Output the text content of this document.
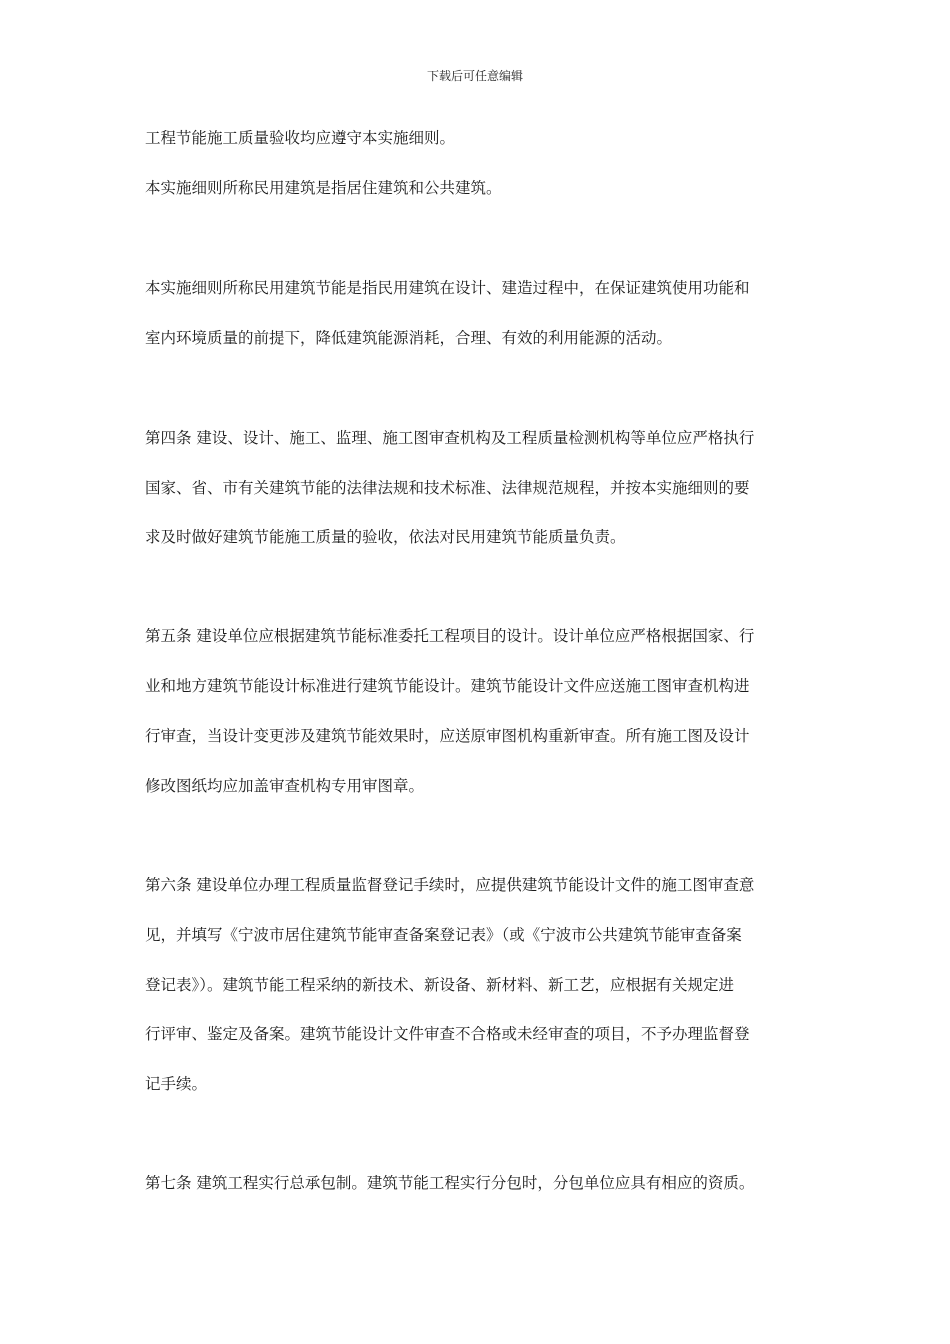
下载后可任意编辑
工程节能施工质量验收均应遵守本实施细则。
本实施细则所称民用建筑是指居住建筑和公共建筑。
本实施细则所称民用建筑节能是指民用建筑在设计、建造过程中，在保证建筑使用功能和
室内环境质量的前提下，降低建筑能源消耗，合理、有效的利用能源的活动。
第四条 建设、设计、施工、监理、施工图审查机构及工程质量检测机构等单位应严格执行
国家、省、市有关建筑节能的法律法规和技术标准、法律规范规程，并按本实施细则的要
求及时做好建筑节能施工质量的验收，依法对民用建筑节能质量负责。
第五条 建设单位应根据建筑节能标准委托工程项目的设计。设计单位应严格根据国家、行
业和地方建筑节能设计标准进行建筑节能设计。建筑节能设计文件应送施工图审查机构进
行审查，当设计变更涉及建筑节能效果时，应送原审图机构重新审查。所有施工图及设计
修改图纸均应加盖审查机构专用审图章。
第六条 建设单位办理工程质量监督登记手续时，应提供建筑节能设计文件的施工图审查意
见，并填写《宁波市居住建筑节能审查备案登记表》（或《宁波市公共建筑节能审查备案
登记表》）。建筑节能工程采纳的新技术、新设备、新材料、新工艺，应根据有关规定进
行评审、鉴定及备案。建筑节能设计文件审查不合格或未经审查的项目，不予办理监督登
记手续。
第七条 建筑工程实行总承包制。建筑节能工程实行分包时，分包单位应具有相应的资质。
